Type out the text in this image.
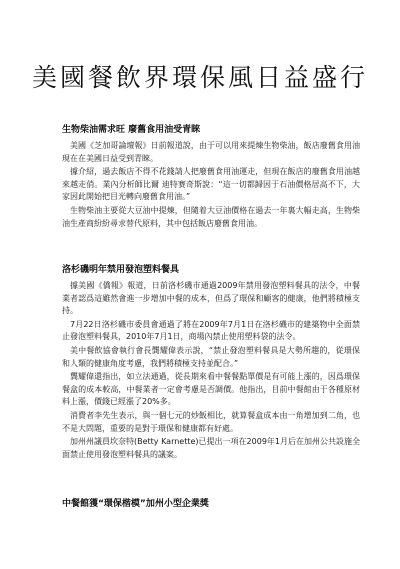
美國餐飲界環保風日益盛行
生物柴油需求旺 廢舊食用油受青睞

美國《芝加哥論壇報》日前報道說，由于可以用來提煉生物柴油，飯店廢舊食用油現在在美國日益受到青睞。

據介紹，過去飯店不得不花錢請人把廢舊食用油運走，但現在飯店的廢舊食用油越來越走俏。業內分析師比爾 迪特赛奇斯說：“這一切都歸因于石油價格居高不下，大家因此開始把目光轉向廢舊食用油。”

生物柴油主要從大豆油中提煉，但隨着大豆油價格在過去一年裏大幅走高，生物柴油生產商紛紛尋求替代原料，其中包括飯店廢舊食用油。

洛杉磯明年禁用發泡塑料餐具

據美國《僑報》報道，日前洛杉磯市通過2009年禁用發泡塑料餐具的法令，中餐業者認爲這雖然會進一步增加中餐的成本，但爲了環保和顧客的健康，他們將積極支持。

7月22日洛杉磯市委員會通過了將在2009年7月1日在洛杉磯市的建築物中全面禁止發泡塑料餐具，2010年7月1日，商場內禁止使用塑料袋的法令。

美中餐飲協會執行會長龔耀偉表示說，“禁止發泡塑料餐具是大勢所趨的，從環保和人類的健康角度考慮，我們將積極支持並配合。”

龔耀偉還指出，如立法通過，從長期來看中餐餐點單價是有可能上漲的，因爲環保餐盒的成本較高，中餐業者一定會考慮是否調價。他指出，目前中餐館由于各種原材料上漲，價錢已經漲了20%多。

消費者李先生表示，與一個七元的炒飯相比，就算餐盒成本由一角增加到二角，也不是大問題，重要的是對于環保和健康都有好處。

加州州議員坎奈特(Betty Karnette)已提出一項在2009年1月后在加州公共設施全面禁止使用發泡塑料餐具的議案。

中餐館獲“環保楷模”加州小型企業獎
